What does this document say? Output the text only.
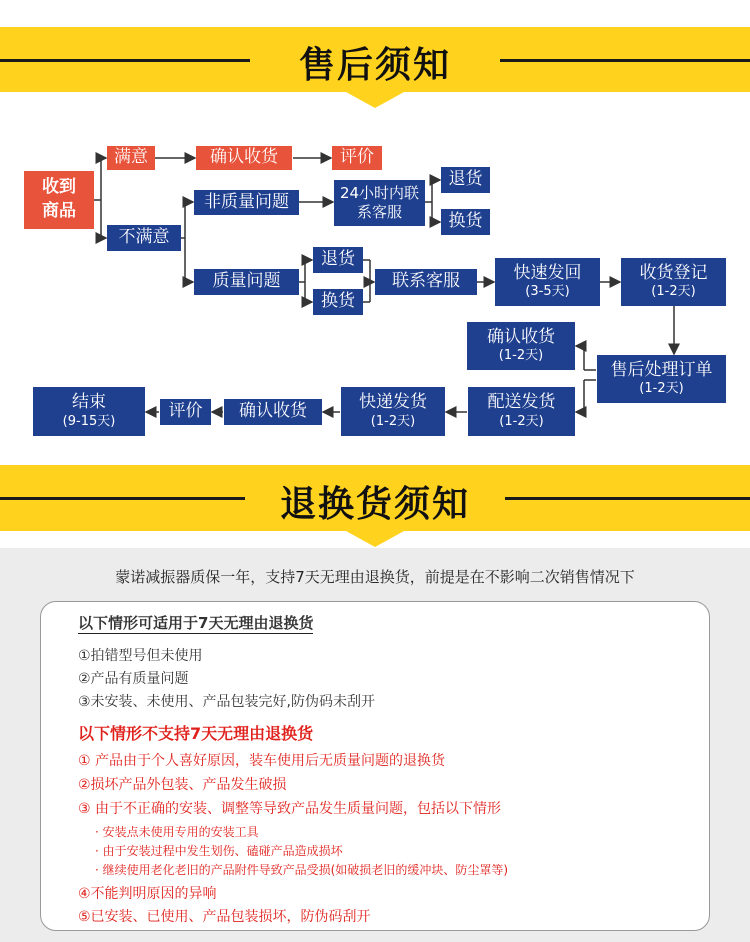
售后须知
收到商品
满意	确认收货	评价
不满意
非质量问题	24小时内联系客服
退货
换货
质量问题
退货
换货
联系客服	快速发回
(3-5天)
收货登记
(1-2天)
确认收货
(1-2天)
售后处理订单
(1-2天)
配送发货
(1-2天)
快递发货
(1-2天)
确认收货
评价
结束
(9-15天)
退换货须知
蒙诺减振器质保一年，支持7天无理由退换货，前提是在不影响二次销售情况下
以下情形可适用于7天无理由退换货
①拍错型号但未使用
②产品有质量问题
③未安装、未使用、产品包装完好,防伪码未刮开
以下情形不支持7天无理由退换货
① 产品由于个人喜好原因，装车使用后无质量问题的退换货
②损坏产品外包装、产品发生破损
③ 由于不正确的安装、调整等导致产品发生质量问题，包括以下情形
· 安装点未使用专用的安装工具
· 由于安装过程中发生划伤、磕碰产品造成损坏
· 继续使用老化老旧的产品附件导致产品受损(如破损老旧的缓冲块、防尘罩等)
④不能判明原因的异响
⑤已安装、已使用、产品包装损坏，防伪码刮开
